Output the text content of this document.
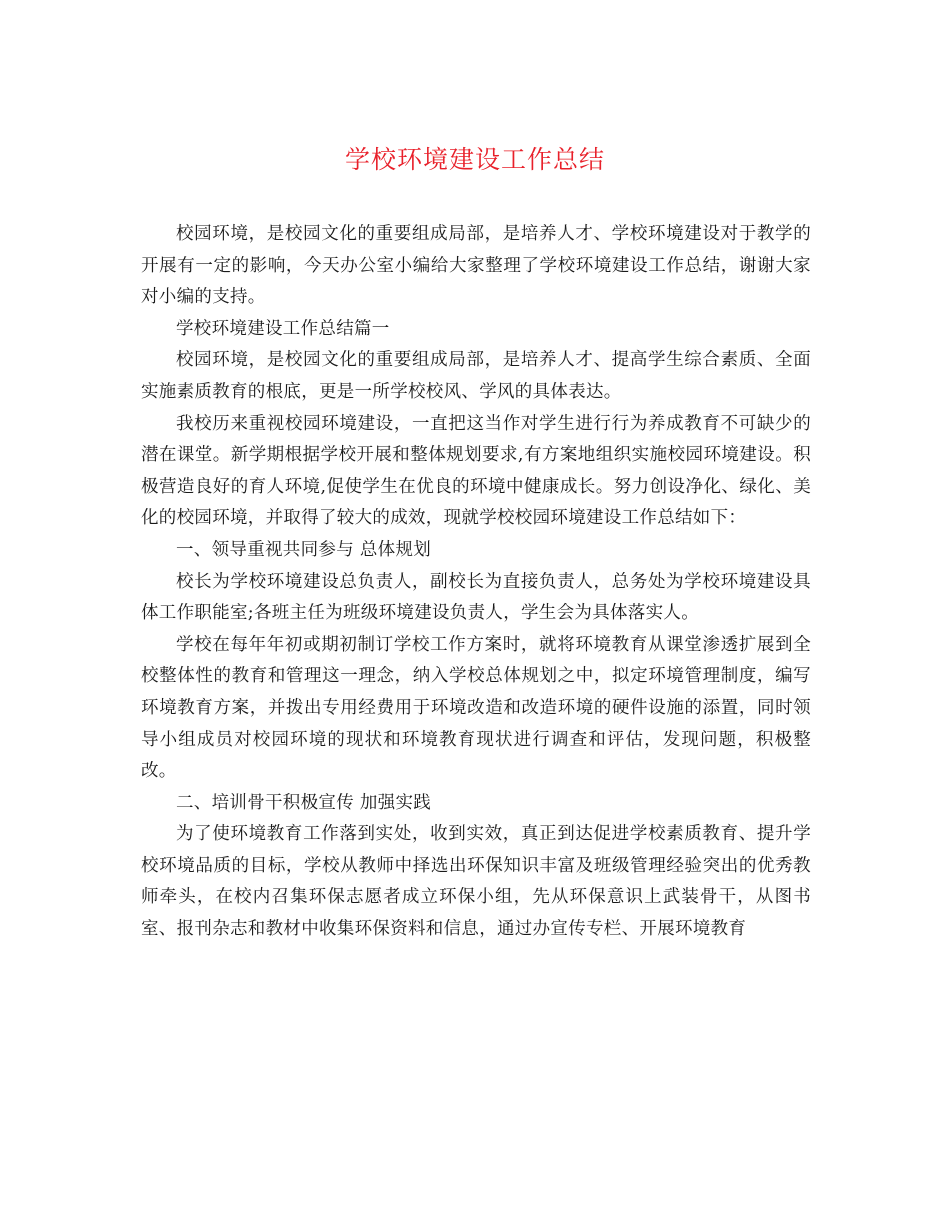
学校环境建设工作总结

校园环境，是校园文化的重要组成局部，是培养人才、学校环境建设对于教学的开展有一定的影响，今天办公室小编给大家整理了学校环境建设工作总结，谢谢大家对小编的支持。

学校环境建设工作总结篇一

校园环境，是校园文化的重要组成局部，是培养人才、提高学生综合素质、全面实施素质教育的根底，更是一所学校校风、学风的具体表达。

我校历来重视校园环境建设，一直把这当作对学生进行行为养成教育不可缺少的潜在课堂。新学期根据学校开展和整体规划要求,有方案地组织实施校园环境建设。积极营造良好的育人环境,促使学生在优良的环境中健康成长。努力创设净化、绿化、美化的校园环境，并取得了较大的成效，现就学校校园环境建设工作总结如下：

一、领导重视共同参与 总体规划

校长为学校环境建设总负责人，副校长为直接负责人，总务处为学校环境建设具体工作职能室;各班主任为班级环境建设负责人，学生会为具体落实人。

学校在每年年初或期初制订学校工作方案时，就将环境教育从课堂渗透扩展到全校整体性的教育和管理这一理念，纳入学校总体规划之中，拟定环境管理制度，编写环境教育方案，并拨出专用经费用于环境改造和改造环境的硬件设施的添置，同时领导小组成员对校园环境的现状和环境教育现状进行调查和评估，发现问题，积极整改。

二、培训骨干积极宣传 加强实践

为了使环境教育工作落到实处，收到实效，真正到达促进学校素质教育、提升学校环境品质的目标，学校从教师中择选出环保知识丰富及班级管理经验突出的优秀教师牵头，在校内召集环保志愿者成立环保小组，先从环保意识上武装骨干，从图书室、报刊杂志和教材中收集环保资料和信息，通过办宣传专栏、开展环境教育
